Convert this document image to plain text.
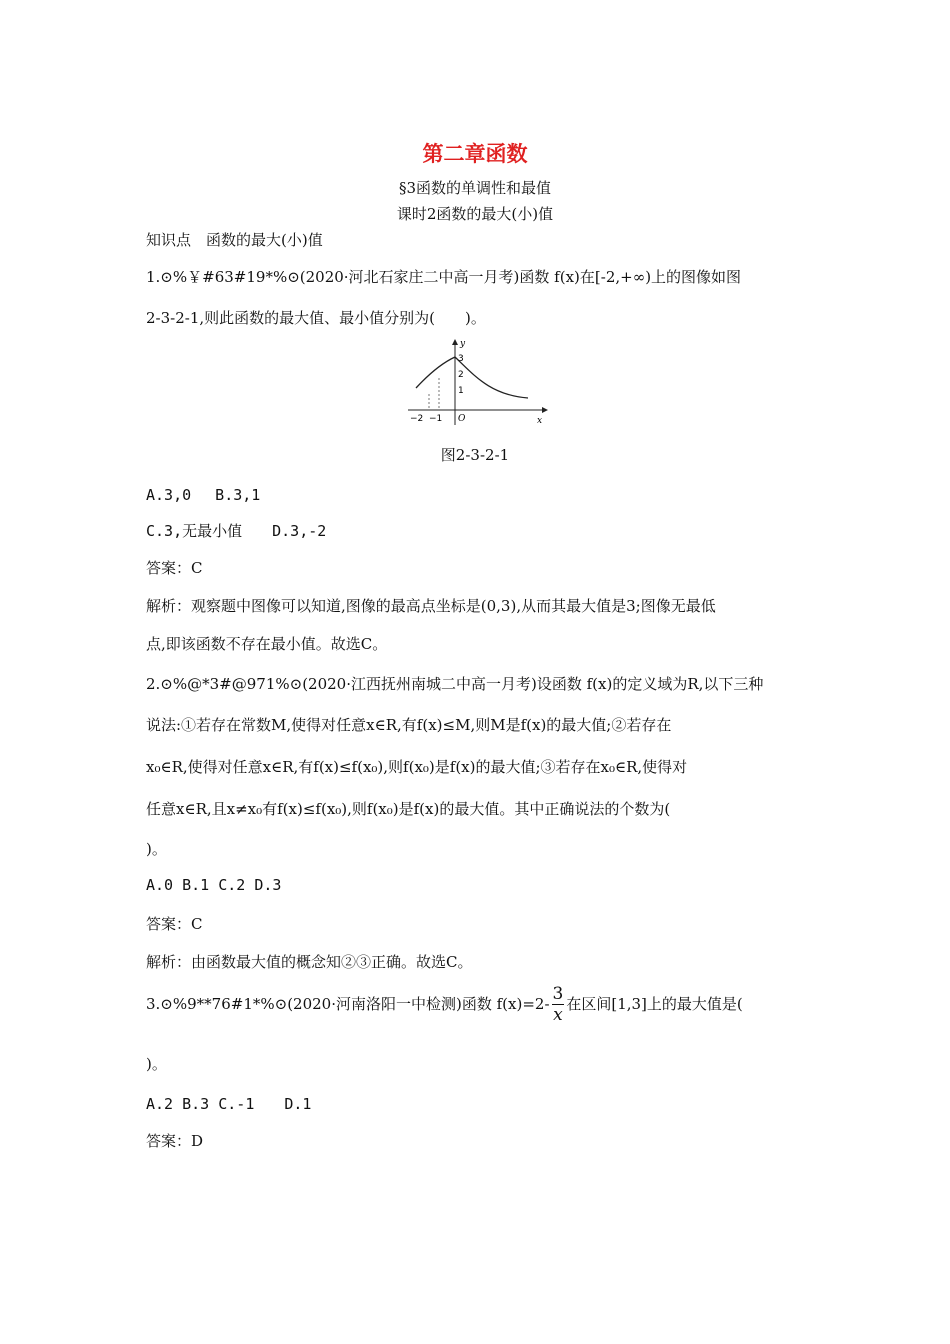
第二章函数
§3函数的单调性和最值
课时2函数的最大(小)值
知识点　函数的最大(小)值
1.⊙%￥#63#19*%⊙(2020·河北石家庄二中高一月考)函数 f(x)在[-2,+∞)上的图像如图
2-3-2-1,则此函数的最大值、最小值分别为(　　)。
y
x
O
−2 −1
3
2
1
图2-3-2-1
A.3,0　 B.3,1
C.3,无最小值　　D.3,-2
答案：C
解析：观察题中图像可以知道,图像的最高点坐标是(0,3),从而其最大值是3;图像无最低
点,即该函数不存在最小值。故选C。
2.⊙%@*3#@971%⊙(2020·江西抚州南城二中高一月考)设函数 f(x)的定义域为R,以下三种
说法:①若存在常数M,使得对任意x∈R,有f(x)≤M,则M是f(x)的最大值;②若存在
x₀∈R,使得对任意x∈R,有f(x)≤f(x₀),则f(x₀)是f(x)的最大值;③若存在x₀∈R,使得对
任意x∈R,且x≠x₀有f(x)≤f(x₀),则f(x₀)是f(x)的最大值。其中正确说法的个数为(
)。
A.0 B.1 C.2 D.3
答案：C
解析：由函数最大值的概念知②③正确。故选C。
3.⊙%9**76#1*%⊙(2020·河南洛阳一中检测)函数 $f(x)=2- \frac{3}{x}$ 在区间[1,3]上的最大值是(
)。
A.2 B.3 C.-1　　D.1
答案：D
